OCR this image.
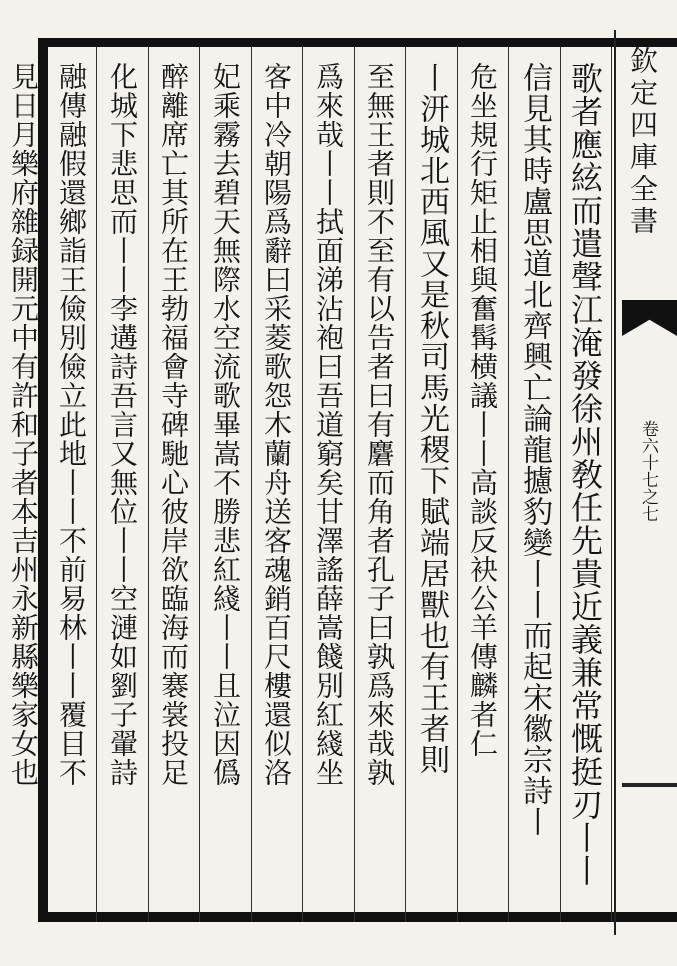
欽定四庫全書
卷六十七之七
歌者應絃而遣聲江淹發徐州敎任先貴近義兼常慨挺刃丨丨
信見其時盧思道北齊興亡論龍攄豹變丨丨而起宋徽宗詩丨
危坐規行矩止相與奮髯横議丨丨高談反袂公羊傳麟者仁
丨汧城北西風又是秋司馬光稷下賦端居獸也有王者則
至無王者則不至有以告者曰有麏而角者孔子曰孰爲來哉孰
爲來哉丨丨拭面涕沾袍曰吾道窮矣甘澤謠薛嵩餞別紅綫坐
客中冷朝陽爲辭曰采菱歌怨木蘭舟送客魂銷百尺樓還似洛
妃乘霧去碧天無際水空流歌畢嵩不勝悲紅綫丨丨且泣因僞
醉離席亡其所在王勃福會寺碑馳心彼岸欲臨海而褰裳投足
化城下悲思而丨丨李遘詩吾言又無位丨丨空漣如劉子翬詩
融傳融假還鄉詣王儉別儉立此地丨丨不前易林丨丨覆目不
見日月樂府雜録開元中有許和子者本吉州永新縣樂家女也
